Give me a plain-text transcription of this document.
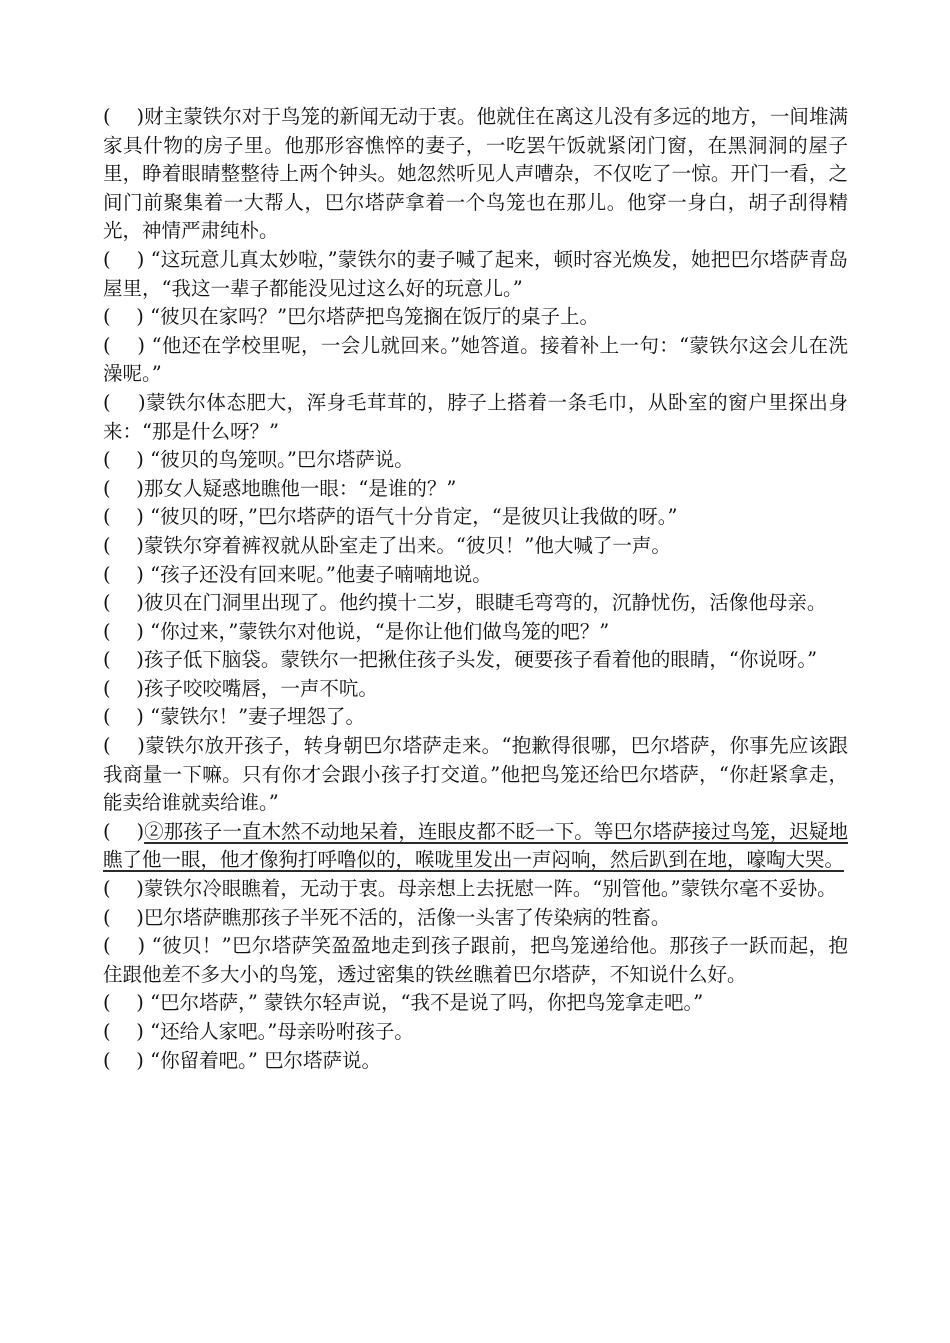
(　 )财主蒙铁尔对于鸟笼的新闻无动于衷。他就住在离这儿没有多远的地方，一间堆满家具什物的房子里。他那形容憔悴的妻子，一吃罢午饭就紧闭门窗，在黑洞洞的屋子里，睁着眼睛整整待上两个钟头。她忽然听见人声嘈杂，不仅吃了一惊。开门一看，之间门前聚集着一大帮人，巴尔塔萨拿着一个鸟笼也在那儿。他穿一身白，胡子刮得精光，神情严肃纯朴。

(　 ) “这玩意儿真太妙啦，”蒙铁尔的妻子喊了起来，顿时容光焕发，她把巴尔塔萨青岛屋里，“我这一辈子都能没见过这么好的玩意儿。”

(　 ) “彼贝在家吗？”巴尔塔萨把鸟笼搁在饭厅的桌子上。

(　 ) “他还在学校里呢，一会儿就回来。”她答道。接着补上一句：“蒙铁尔这会儿在洗澡呢。”

(　 )蒙铁尔体态肥大，浑身毛茸茸的，脖子上搭着一条毛巾，从卧室的窗户里探出身来：“那是什么呀？”

(　 ) “彼贝的鸟笼呗。”巴尔塔萨说。

(　 )那女人疑惑地瞧他一眼：“是谁的？”

(　 ) “彼贝的呀，”巴尔塔萨的语气十分肯定，“是彼贝让我做的呀。”

(　 )蒙铁尔穿着裤衩就从卧室走了出来。“彼贝！”他大喊了一声。

(　 ) “孩子还没有回来呢。”他妻子喃喃地说。

(　 )彼贝在门洞里出现了。他约摸十二岁，眼睫毛弯弯的，沉静忧伤，活像他母亲。

(　 ) “你过来，”蒙铁尔对他说，“是你让他们做鸟笼的吧？”

(　 )孩子低下脑袋。蒙铁尔一把揪住孩子头发，硬要孩子看着他的眼睛，“你说呀。”

(　 )孩子咬咬嘴唇，一声不吭。

(　 ) “蒙铁尔！”妻子埋怨了。

(　 )蒙铁尔放开孩子，转身朝巴尔塔萨走来。“抱歉得很哪，巴尔塔萨，你事先应该跟我商量一下嘛。只有你才会跟小孩子打交道。”他把鸟笼还给巴尔塔萨，“你赶紧拿走，能卖给谁就卖给谁。”

(　 )②那孩子一直木然不动地呆着，连眼皮都不眨一下。等巴尔塔萨接过鸟笼，迟疑地瞧了他一眼，他才像狗打呼噜似的，喉咙里发出一声闷响，然后趴到在地，嚎啕大哭。

(　 )蒙铁尔冷眼瞧着，无动于衷。母亲想上去抚慰一阵。“别管他。”蒙铁尔毫不妥协。

(　 )巴尔塔萨瞧那孩子半死不活的，活像一头害了传染病的牲畜。

(　 ) “彼贝！”巴尔塔萨笑盈盈地走到孩子跟前，把鸟笼递给他。那孩子一跃而起，抱住跟他差不多大小的鸟笼，透过密集的铁丝瞧着巴尔塔萨，不知说什么好。

(　 ) “巴尔塔萨，” 蒙铁尔轻声说，“我不是说了吗，你把鸟笼拿走吧。”

(　 ) “还给人家吧。”母亲吩咐孩子。

(　 ) “你留着吧。” 巴尔塔萨说。
